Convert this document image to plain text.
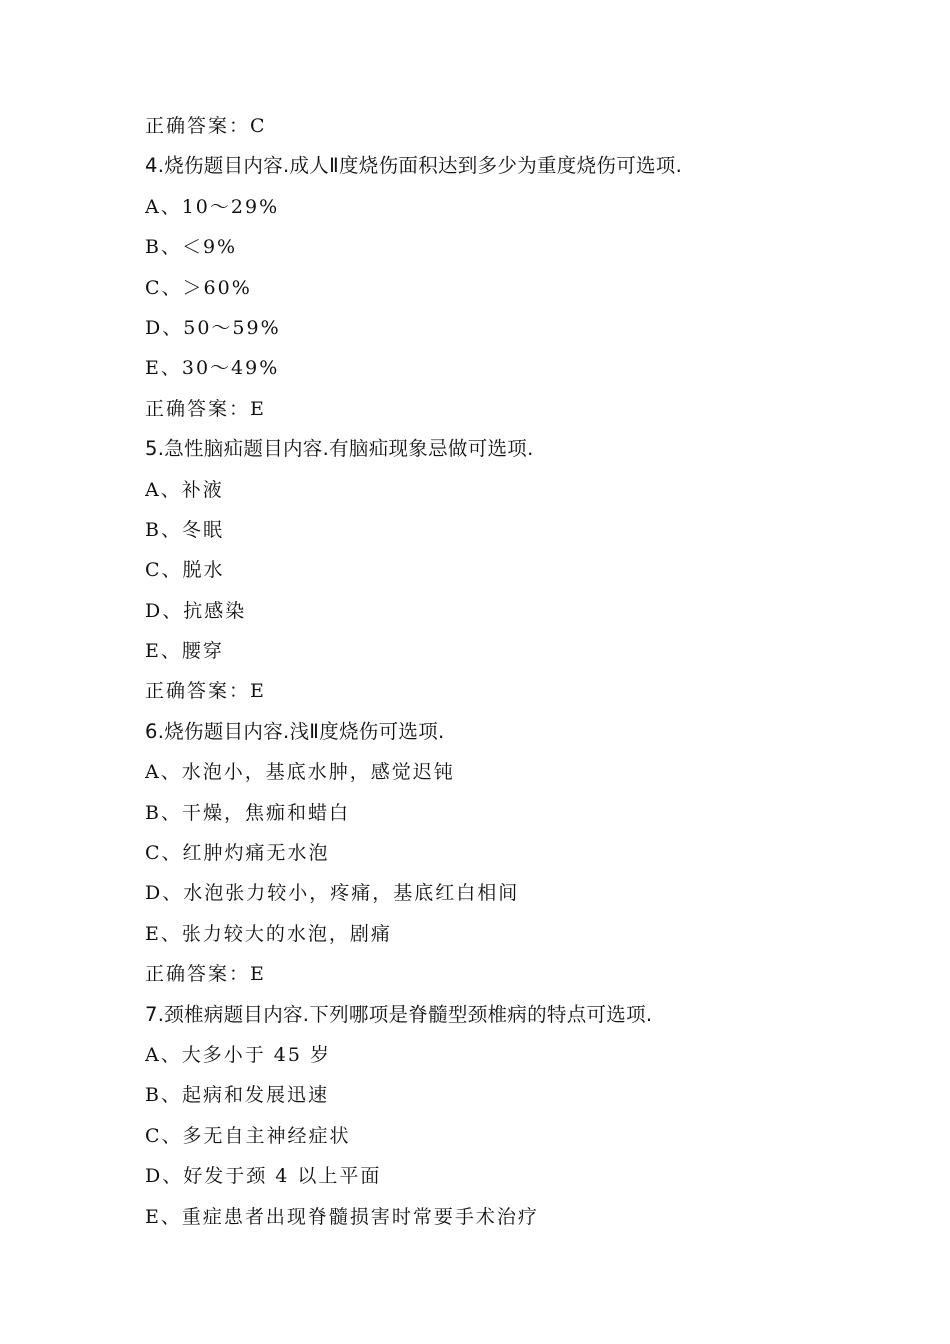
正确答案：C
4.烧伤题目内容.成人Ⅱ度烧伤面积达到多少为重度烧伤可选项.
A、10～29%
B、＜9%
C、＞60%
D、50～59%
E、30～49%
正确答案：E
5.急性脑疝题目内容.有脑疝现象忌做可选项.
A、补液
B、冬眠
C、脱水
D、抗感染
E、腰穿
正确答案：E
6.烧伤题目内容.浅Ⅱ度烧伤可选项.
A、水泡小，基底水肿，感觉迟钝
B、干燥，焦痂和蜡白
C、红肿灼痛无水泡
D、水泡张力较小，疼痛，基底红白相间
E、张力较大的水泡，剧痛
正确答案：E
7.颈椎病题目内容.下列哪项是脊髓型颈椎病的特点可选项.
A、大多小于 45 岁
B、起病和发展迅速
C、多无自主神经症状
D、好发于颈 4 以上平面
E、重症患者出现脊髓损害时常要手术治疗
